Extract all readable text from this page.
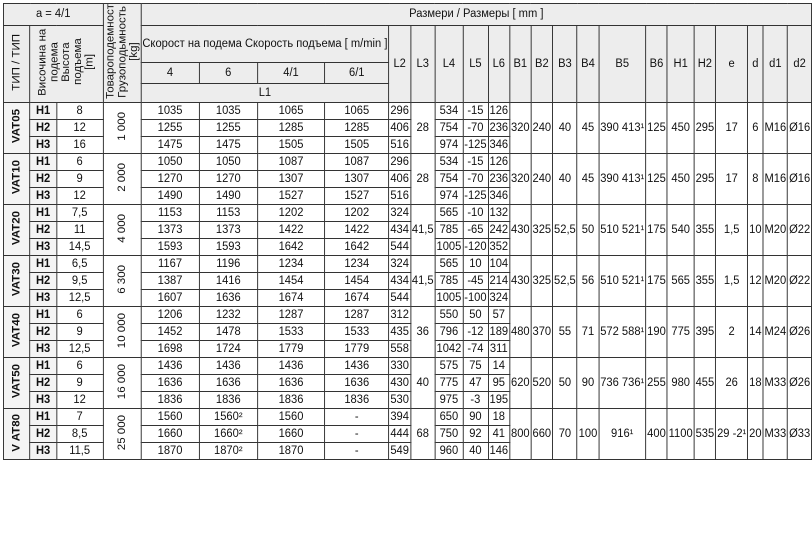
a = 4/1			Товароподемност
Грузоподьмность [kg]	Размери / Размеры [ mm ]																				
ТИП / ТИП	Височина на
подема
Высота подъема
[m]			Скорост на подема Скорость подъема [ m/min ]				L2	L3	L4	L5	L6	B1	B2	B3	B4	B5	B6	H1	H2	e	d	d1	d2
				4	6	4/1	6/1																	
				L1																				
VAT05	H1	8	1 000	1035	1035	1065	1065	296	28	534	-15	126	320	240	40	45	390 413¹	125	450	295	17	6	M16	Ø16
	H2	12		1255	1255	1285	1285	406		754	-70	236												
	H3	16		1475	1475	1505	1505	516		974	-125	346												
VAT10	H1	6	2 000	1050	1050	1087	1087	296	28	534	-15	126	320	240	40	45	390 413¹	125	450	295	17	8	M16	Ø16
	H2	9		1270	1270	1307	1307	406		754	-70	236												
	H3	12		1490	1490	1527	1527	516		974	-125	346												
VAT20	H1	7,5	4 000	1153	1153	1202	1202	324	41,5	565	-10	132	430	325	52,5	50	510 521¹	175	540	355	1,5	10	M20	Ø22
	H2	11		1373	1373	1422	1422	434		785	-65	242												
	H3	14,5		1593	1593	1642	1642	544		1005	-120	352												
VAT30	H1	6,5	6 300	1167	1196	1234	1234	324	41,5	565	10	104	430	325	52,5	56	510 521¹	175	565	355	1,5	12	M20	Ø22
	H2	9,5		1387	1416	1454	1454	434		785	-45	214												
	H3	12,5		1607	1636	1674	1674	544		1005	-100	324												
VAT40	H1	6	10 000	1206	1232	1287	1287	312	36	550	50	57	480	370	55	71	572 588¹	190	775	395	2	14	M24	Ø26
	H2	9		1452	1478	1533	1533	435		796	-12	189												
	H3	12,5		1698	1724	1779	1779	558		1042	-74	311												
VAT50	H1	6	16 000	1436	1436	1436	1436	330	40	575	75	14	620	520	50	90	736 736¹	255	980	455	26	18	M33	Ø26
	H2	9		1636	1636	1636	1636	430		775	47	95												
	H3	12		1836	1836	1836	1836	530		975	-3	195												
V AT80	H1	7	25 000	1560	1560²	1560	-	394	68	650	90	18	800	660	70	100	916¹	400	1100	535	29 -2¹	20	M33	Ø33
	H2	8,5		1660	1660²	1660	-	444		750	92	41												
	H3	11,5		1870	1870²	1870	-	549		960	40	146												
